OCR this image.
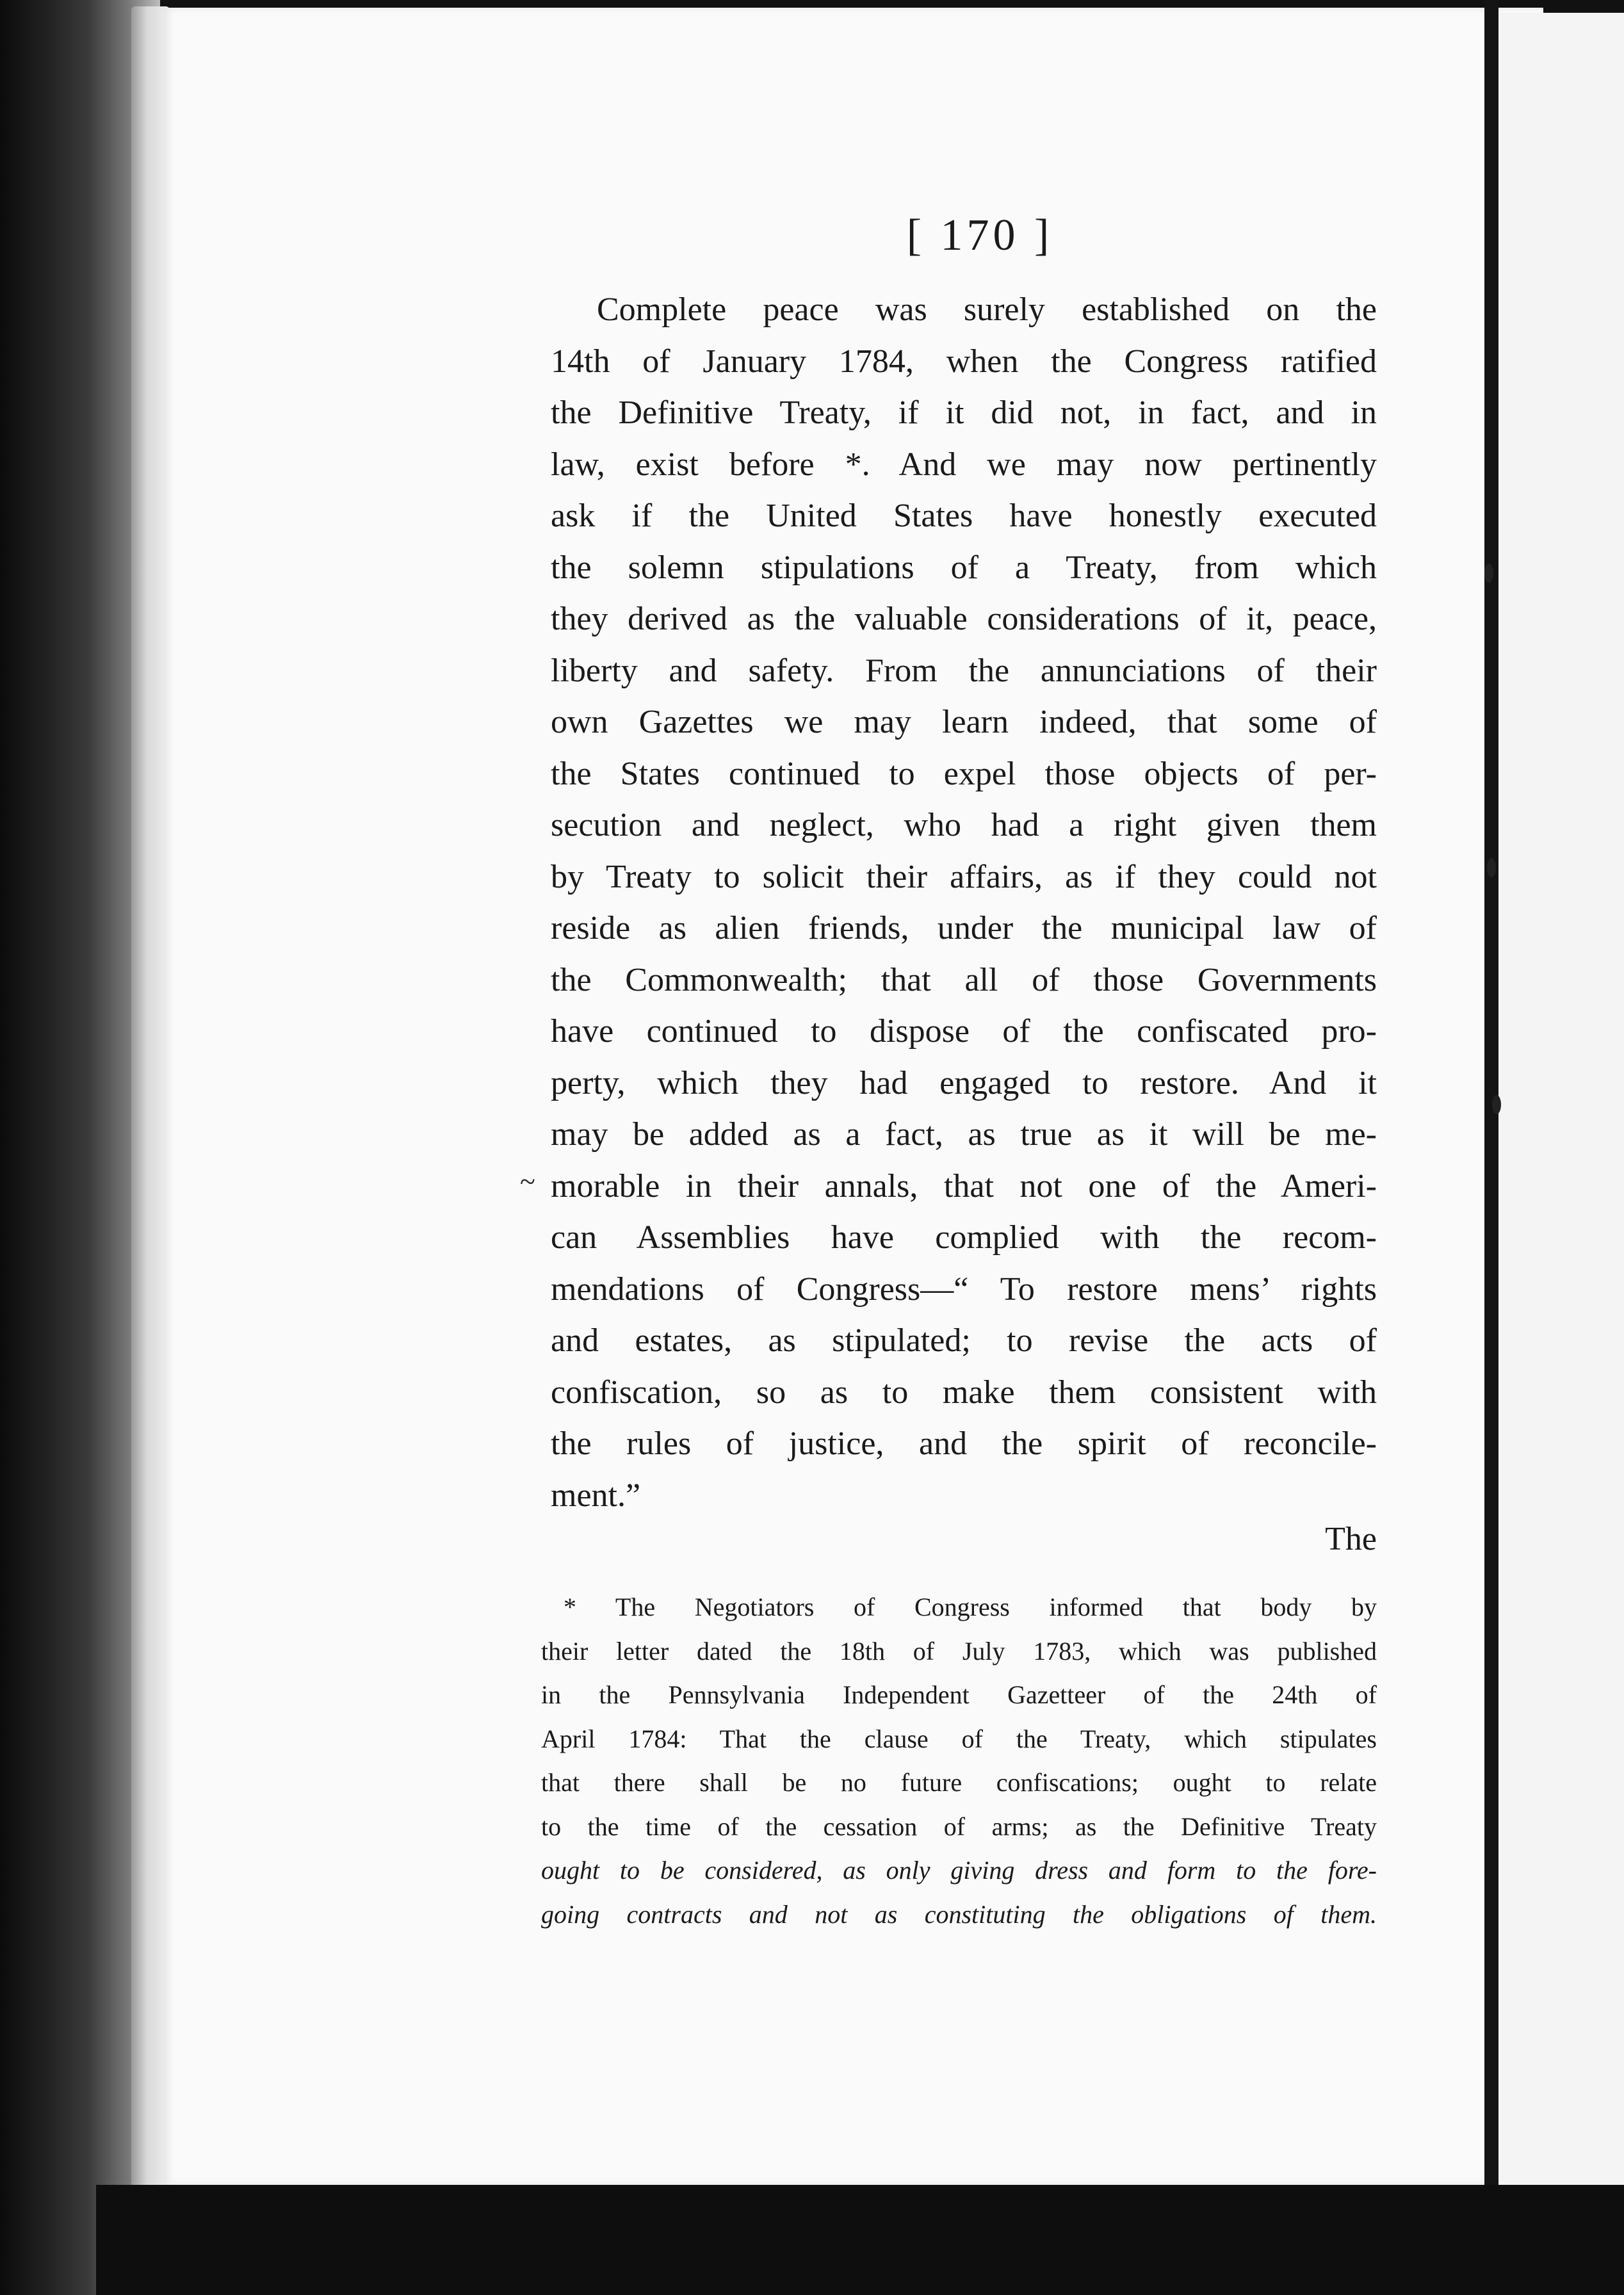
~
[ 170 ]
Complete peace was surely established on the
14th of January 1784, when the Congress ratified
the Definitive Treaty, if it did not, in fact, and in
law, exist before *. And we may now pertinently
ask if the United States have honestly executed
the solemn stipulations of a Treaty, from which
they derived as the valuable considerations of it, peace,
liberty and safety. From the annunciations of their
own Gazettes we may learn indeed, that some of
the States continued to expel those objects of per-
secution and neglect, who had a right given them
by Treaty to solicit their affairs, as if they could not
reside as alien friends, under the municipal law of
the Commonwealth; that all of those Governments
have continued to dispose of the confiscated pro-
perty, which they had engaged to restore. And it
may be added as a fact, as true as it will be me-
morable in their annals, that not one of the Ameri-
can Assemblies have complied with the recom-
mendations of Congress—“ To restore mens’ rights
and estates, as stipulated; to revise the acts of
confiscation, so as to make them consistent with
the rules of justice, and the spirit of reconcile-
ment.”
The
* The Negotiators of Congress informed that body by
their letter dated the 18th of July 1783, which was published
in the Pennsylvania Independent Gazetteer of the 24th of
April 1784: That the clause of the Treaty, which stipulates
that there shall be no future confiscations; ought to relate
to the time of the cessation of arms; as the Definitive Treaty
ought to be considered, as only giving dress and form to the fore-
going contracts and not as constituting the obligations of them.
